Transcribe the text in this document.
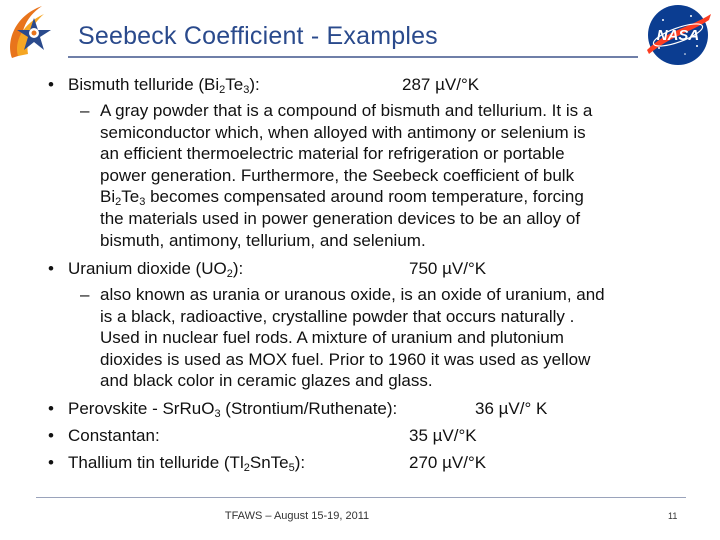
Seebeck Coefficient - Examples	NASA
• Bismuth telluride $(Bi_2Te_3)$:	287 µV/°K
– A gray powder that is a compound of bismuth and tellurium. It is a
semiconductor which, when alloyed with antimony or selenium is
an efficient thermoelectric material for refrigeration or portable
power generation. Furthermore, the Seebeck coefficient of bulk
$Bi_2Te_3$ becomes compensated around room temperature, forcing
the materials used in power generation devices to be an alloy of
bismuth, antimony, tellurium, and selenium.
• Uranium dioxide $(UO_2)$:	750 µV/°K
– also known as urania or uranous oxide, is an oxide of uranium, and
is a black, radioactive, crystalline powder that occurs naturally .
Used in nuclear fuel rods. A mixture of uranium and plutonium
dioxides is used as MOX fuel. Prior to 1960 it was used as yellow
and black color in ceramic glazes and glass.
• Perovskite - SrRuO$_3$ (Strontium/Ruthenate):	36 µV/° K
• Constantan:	35 µV/°K
• Thallium tin telluride $(Tl_2SnTe_5)$:	270 µV/°K
TFAWS – August 15-19, 2011	11
